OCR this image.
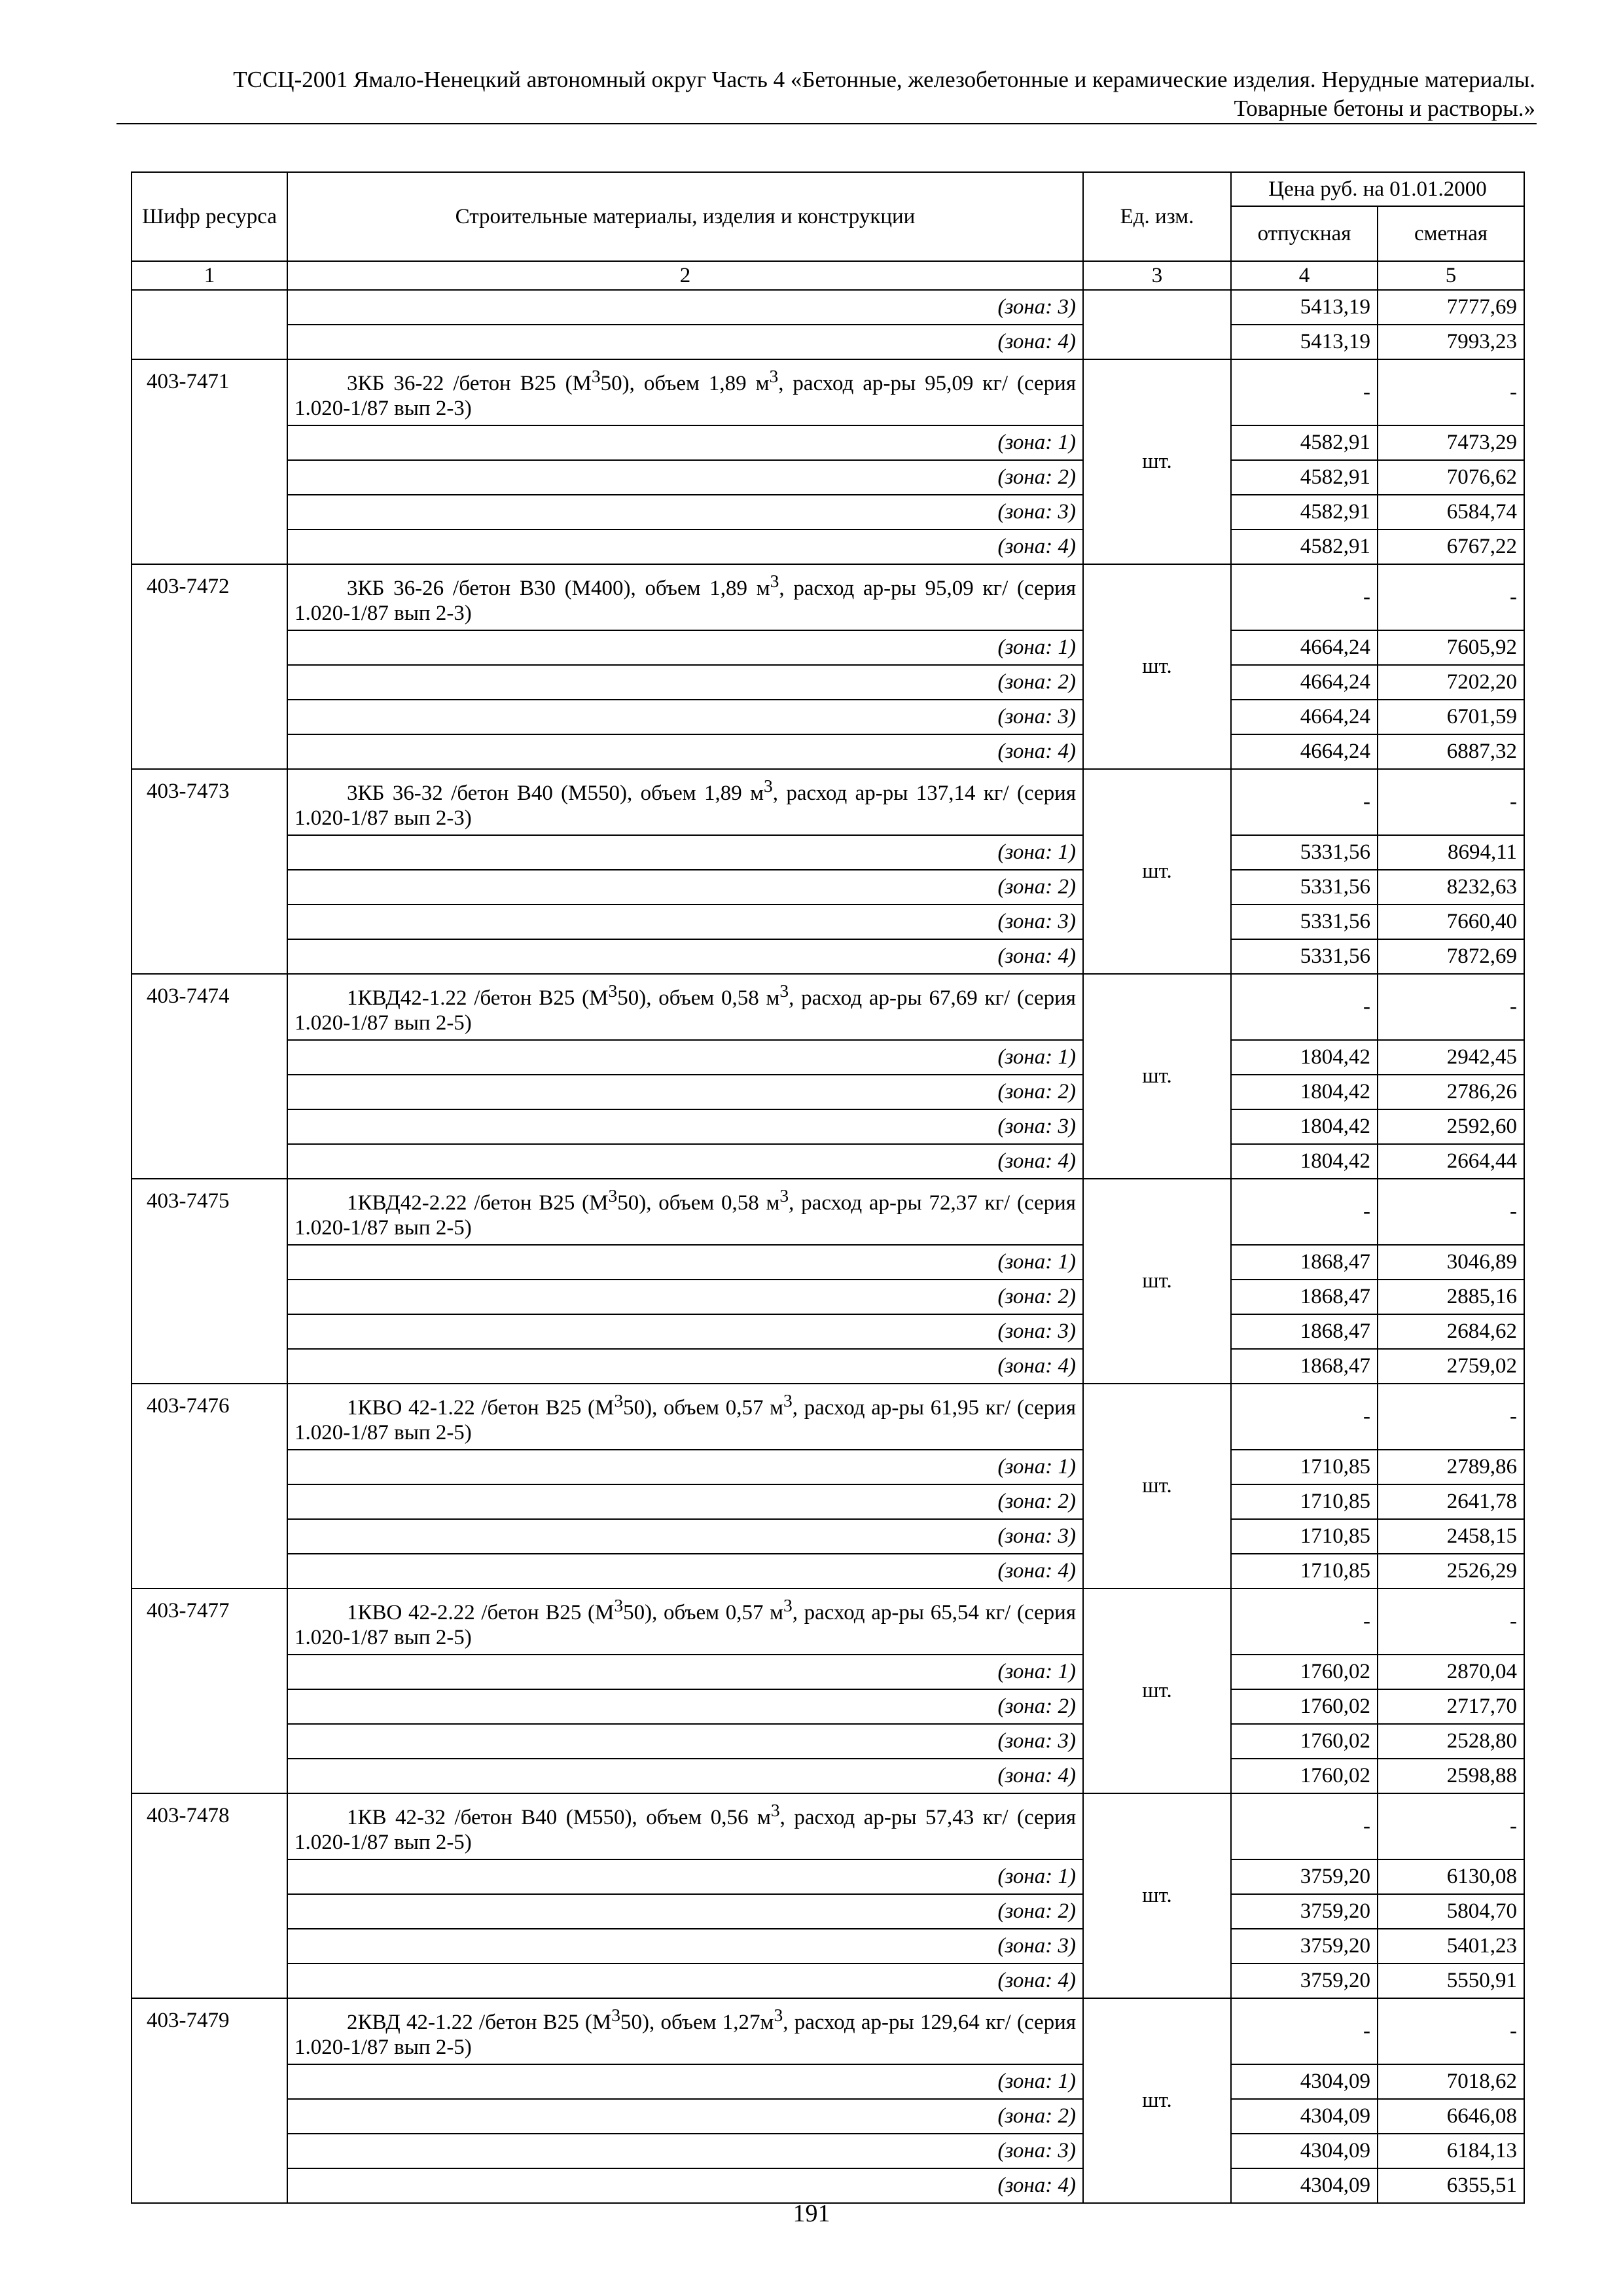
ТССЦ-2001 Ямало-Ненецкий автономный округ Часть 4 «Бетонные, железобетонные и керамические изделия. Нерудные материалы.
Товарные бетоны и растворы.»
Шифр ресурса	Строительные материалы, изделия и конструкции	Ед. изм.	Цена руб. на 01.01.2000	
			отпускная	сметная
1	2	3	4	5
	(зона: 3)		5413,19	7777,69
	(зона: 4)		5413,19	7993,23
403-7471	3КБ 36-22 /бетон В25 $(М^350)$, объем 1,89 $м^3$, расход ар-ры 95,09 кг/ (серия 1.020-1/87 вып 2-3)	шт.	-	-
	(зона: 1)		4582,91	7473,29
	(зона: 2)		4582,91	7076,62
	(зона: 3)		4582,91	6584,74
	(зона: 4)		4582,91	6767,22
403-7472	3КБ 36-26 /бетон В30 (М400), объем 1,89 $м^3$, расход ар-ры 95,09 кг/ (серия 1.020-1/87 вып 2-3)	шт.	-	-
	(зона: 1)		4664,24	7605,92
	(зона: 2)		4664,24	7202,20
	(зона: 3)		4664,24	6701,59
	(зона: 4)		4664,24	6887,32
403-7473	3КБ 36-32 /бетон В40 (М550), объем 1,89 $м^3$, расход ар-ры 137,14 кг/ (серия 1.020-1/87 вып 2-3)	шт.	-	-
	(зона: 1)		5331,56	8694,11
	(зона: 2)		5331,56	8232,63
	(зона: 3)		5331,56	7660,40
	(зона: 4)		5331,56	7872,69
403-7474	1КВД42-1.22 /бетон В25 $(М^350)$, объем 0,58 $м^3$, расход ар-ры 67,69 кг/ (серия 1.020-1/87 вып 2-5)	шт.	-	-
	(зона: 1)		1804,42	2942,45
	(зона: 2)		1804,42	2786,26
	(зона: 3)		1804,42	2592,60
	(зона: 4)		1804,42	2664,44
403-7475	1КВД42-2.22 /бетон В25 $(М^350)$, объем 0,58 $м^3$, расход ар-ры 72,37 кг/ (серия 1.020-1/87 вып 2-5)	шт.	-	-
	(зона: 1)		1868,47	3046,89
	(зона: 2)		1868,47	2885,16
	(зона: 3)		1868,47	2684,62
	(зона: 4)		1868,47	2759,02
403-7476	1КВО 42-1.22 /бетон В25 $(М^350)$, объем 0,57 $м^3$, расход ар-ры 61,95 кг/ (серия 1.020-1/87 вып 2-5)	шт.	-	-
	(зона: 1)		1710,85	2789,86
	(зона: 2)		1710,85	2641,78
	(зона: 3)		1710,85	2458,15
	(зона: 4)		1710,85	2526,29
403-7477	1КВО 42-2.22 /бетон В25 $(М^350)$, объем 0,57 $м^3$, расход ар-ры 65,54 кг/ (серия 1.020-1/87 вып 2-5)	шт.	-	-
	(зона: 1)		1760,02	2870,04
	(зона: 2)		1760,02	2717,70
	(зона: 3)		1760,02	2528,80
	(зона: 4)		1760,02	2598,88
403-7478	1КВ 42-32 /бетон В40 (М550), объем 0,56 $м^3$, расход ар-ры 57,43 кг/ (серия 1.020-1/87 вып 2-5)	шт.	-	-
	(зона: 1)		3759,20	6130,08
	(зона: 2)		3759,20	5804,70
	(зона: 3)		3759,20	5401,23
	(зона: 4)		3759,20	5550,91
403-7479	2КВД 42-1.22 /бетон В25 $(М^350)$, объем $1,27м^3$, расход ар-ры 129,64 кг/ (серия 1.020-1/87 вып 2-5)	шт.	-	-
	(зона: 1)		4304,09	7018,62
	(зона: 2)		4304,09	6646,08
	(зона: 3)		4304,09	6184,13
	(зона: 4)		4304,09	6355,51
191
